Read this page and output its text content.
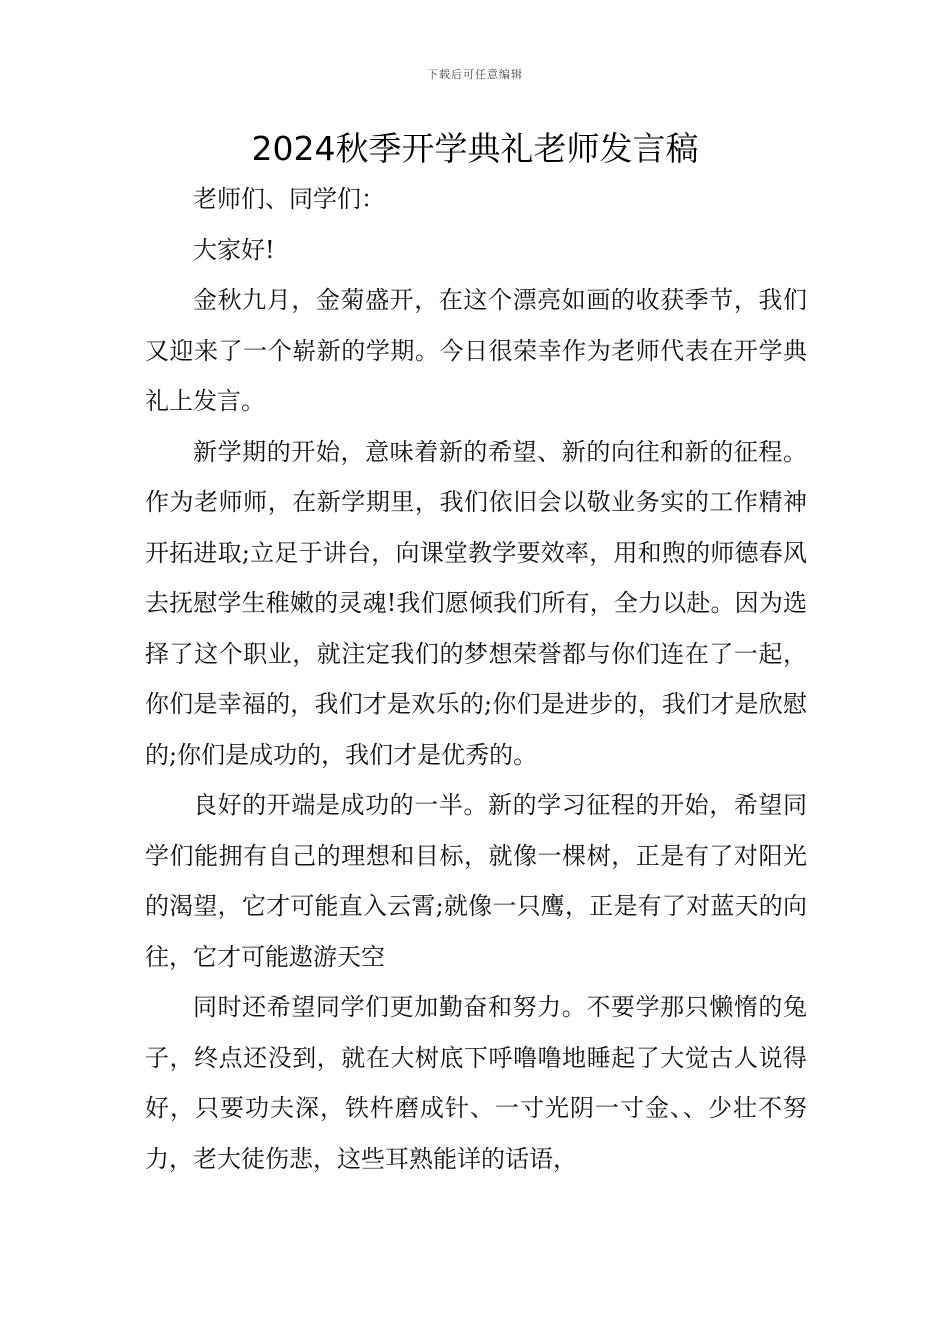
下载后可任意编辑
2024秋季开学典礼老师发言稿

老师们、同学们：

大家好!

金秋九月，金菊盛开，在这个漂亮如画的收获季节，我们又迎来了一个崭新的学期。今日很荣幸作为老师代表在开学典礼上发言。

新学期的开始，意味着新的希望、新的向往和新的征程。作为老师师，在新学期里，我们依旧会以敬业务实的工作精神开拓进取;立足于讲台，向课堂教学要效率，用和煦的师德春风去抚慰学生稚嫩的灵魂!我们愿倾我们所有，全力以赴。因为选择了这个职业，就注定我们的梦想荣誉都与你们连在了一起，你们是幸福的，我们才是欢乐的;你们是进步的，我们才是欣慰的;你们是成功的，我们才是优秀的。

良好的开端是成功的一半。新的学习征程的开始，希望同学们能拥有自己的理想和目标，就像一棵树，正是有了对阳光的渴望，它才可能直入云霄;就像一只鹰，正是有了对蓝天的向往，它才可能遨游天空

同时还希望同学们更加勤奋和努力。不要学那只懒惰的兔子，终点还没到，就在大树底下呼噜噜地睡起了大觉古人说得好，只要功夫深，铁杵磨成针、一寸光阴一寸金、、少壮不努力，老大徒伤悲，这些耳熟能详的话语，
